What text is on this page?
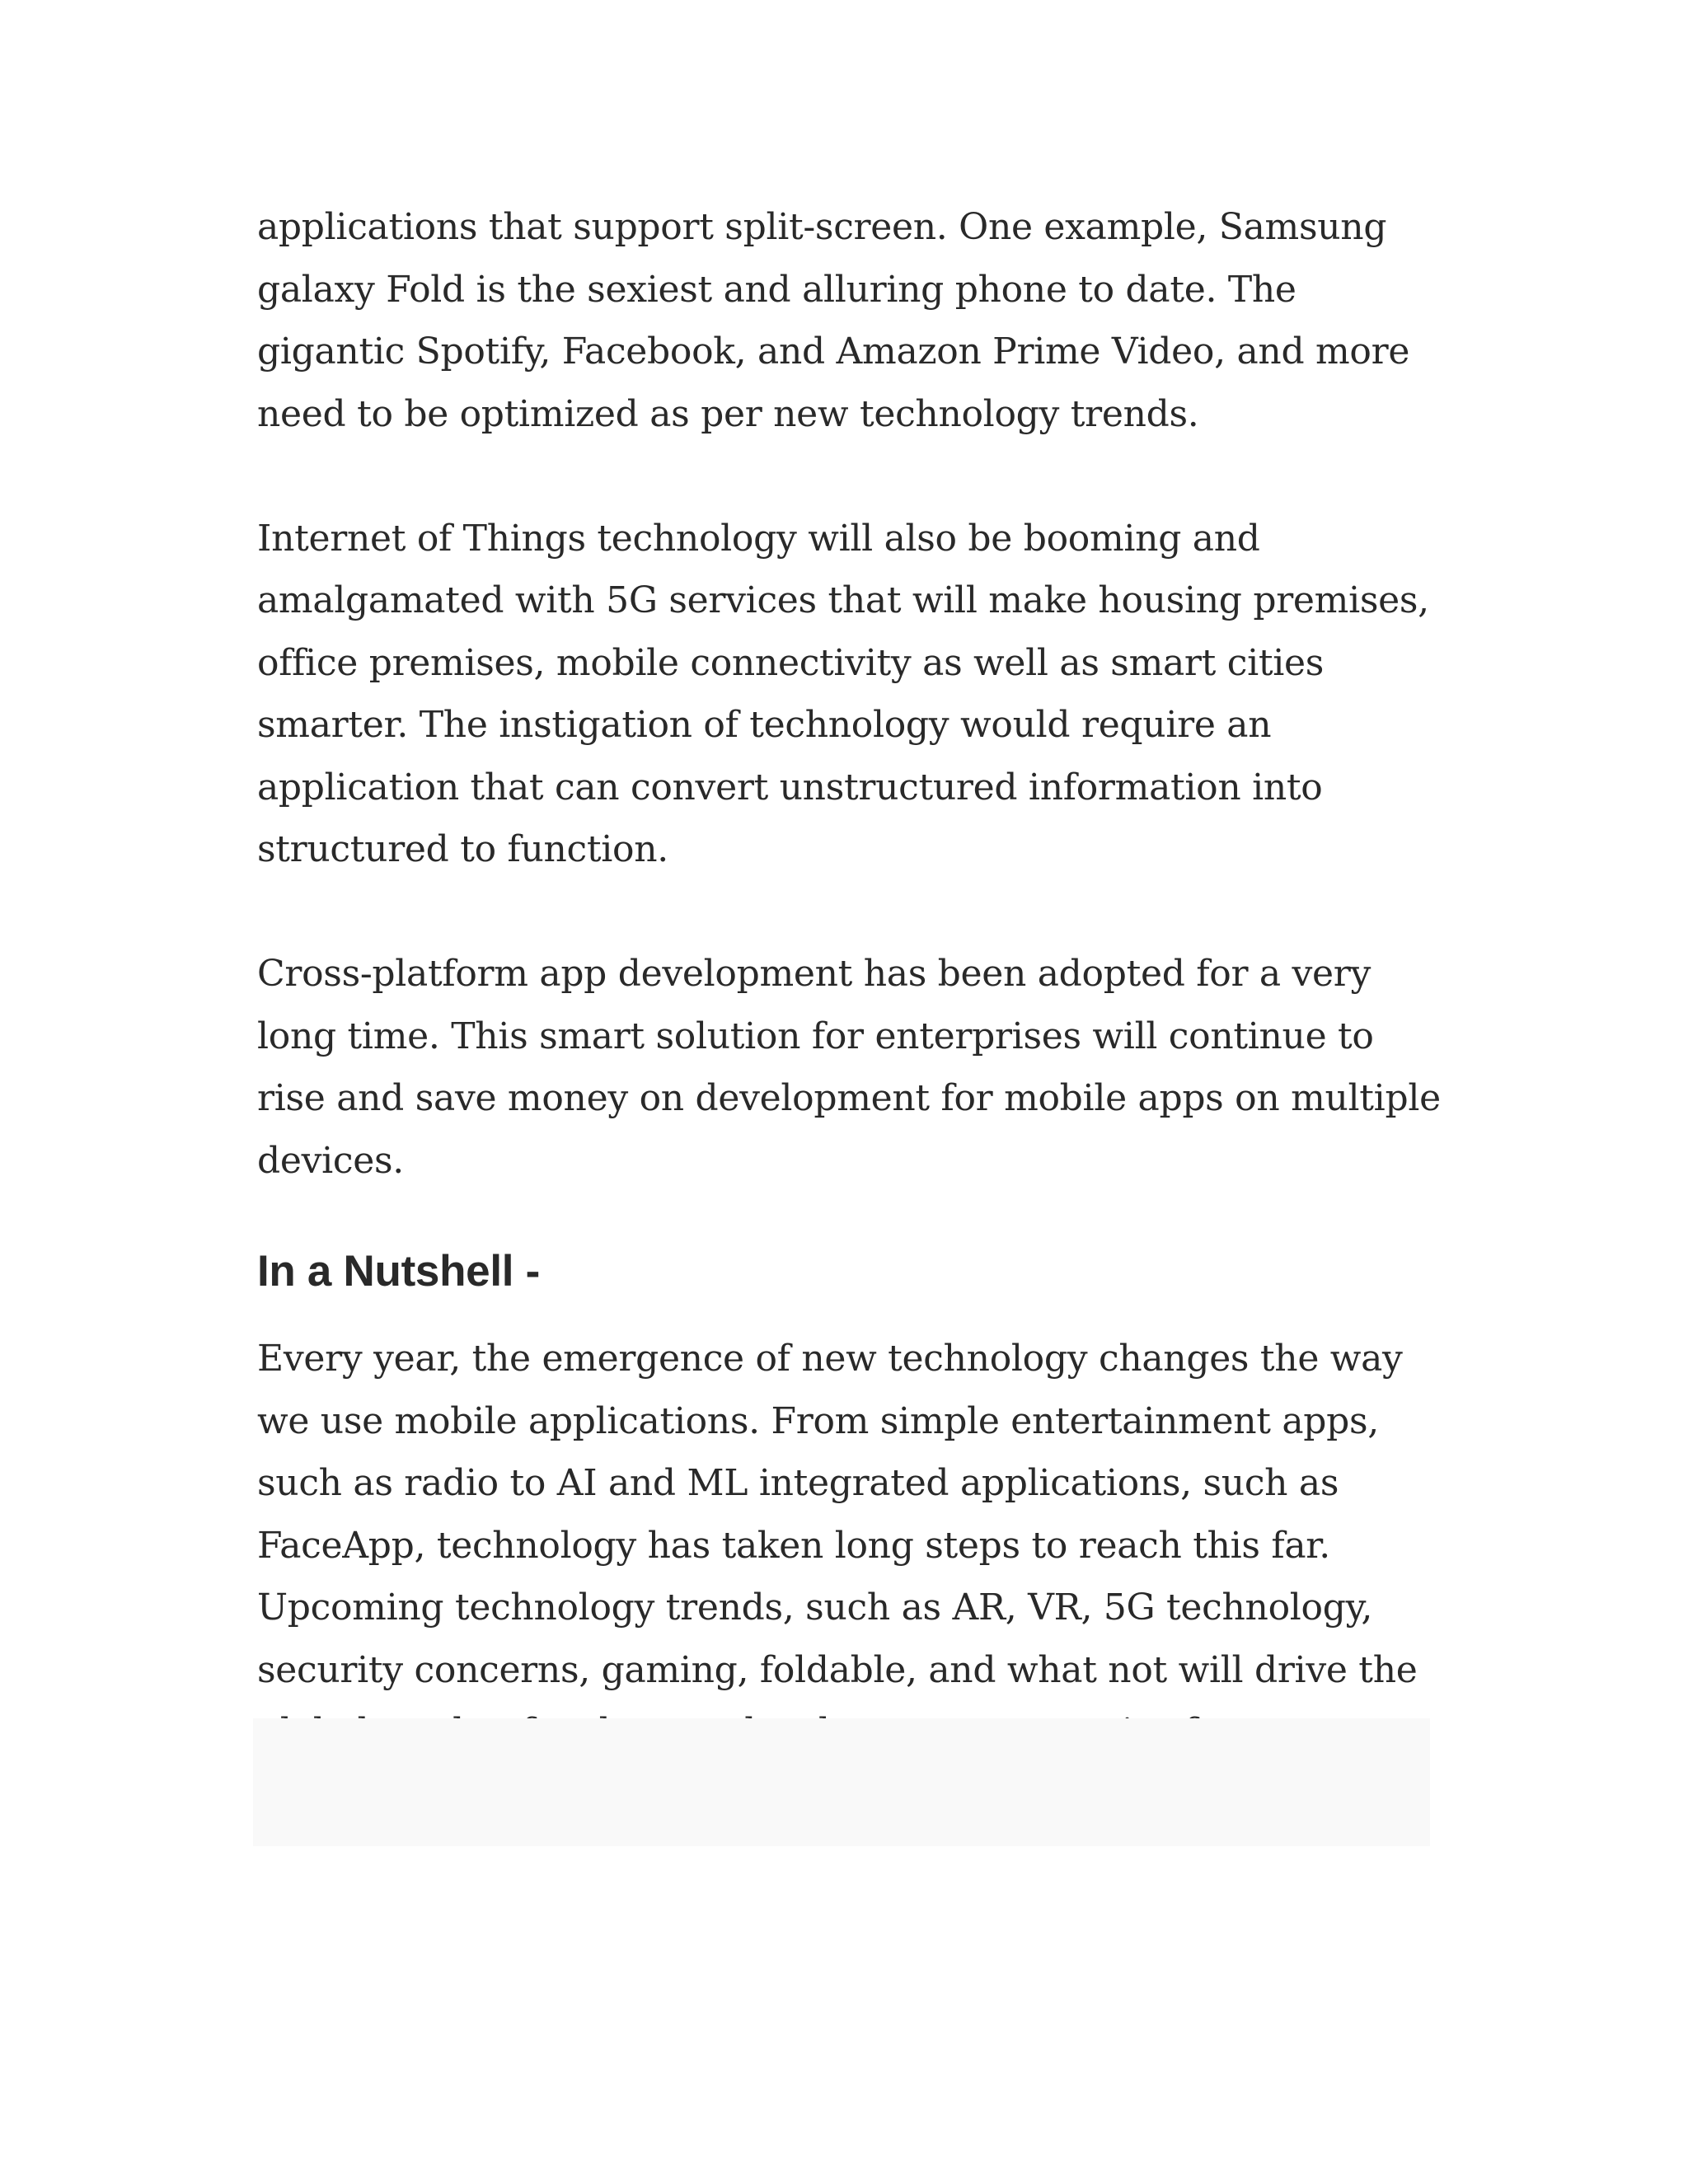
applications that support split-screen. One example, Samsung galaxy Fold is the sexiest and alluring phone to date. The gigantic Spotify, Facebook, and Amazon Prime Video, and more need to be optimized as per new technology trends.

Internet of Things technology will also be booming and amalgamated with 5G services that will make housing premises, office premises, mobile connectivity as well as smart cities smarter. The instigation of technology would require an application that can convert unstructured information into structured to function.

Cross-platform app development has been adopted for a very long time. This smart solution for enterprises will continue to rise and save money on development for mobile apps on multiple devices.

In a Nutshell -

Every year, the emergence of new technology changes the way we use mobile applications. From simple entertainment apps, such as radio to AI and ML integrated applications, such as FaceApp, technology has taken long steps to reach this far. Upcoming technology trends, such as AR, VR, 5G technology, security concerns, gaming, foldable, and what not will drive the
